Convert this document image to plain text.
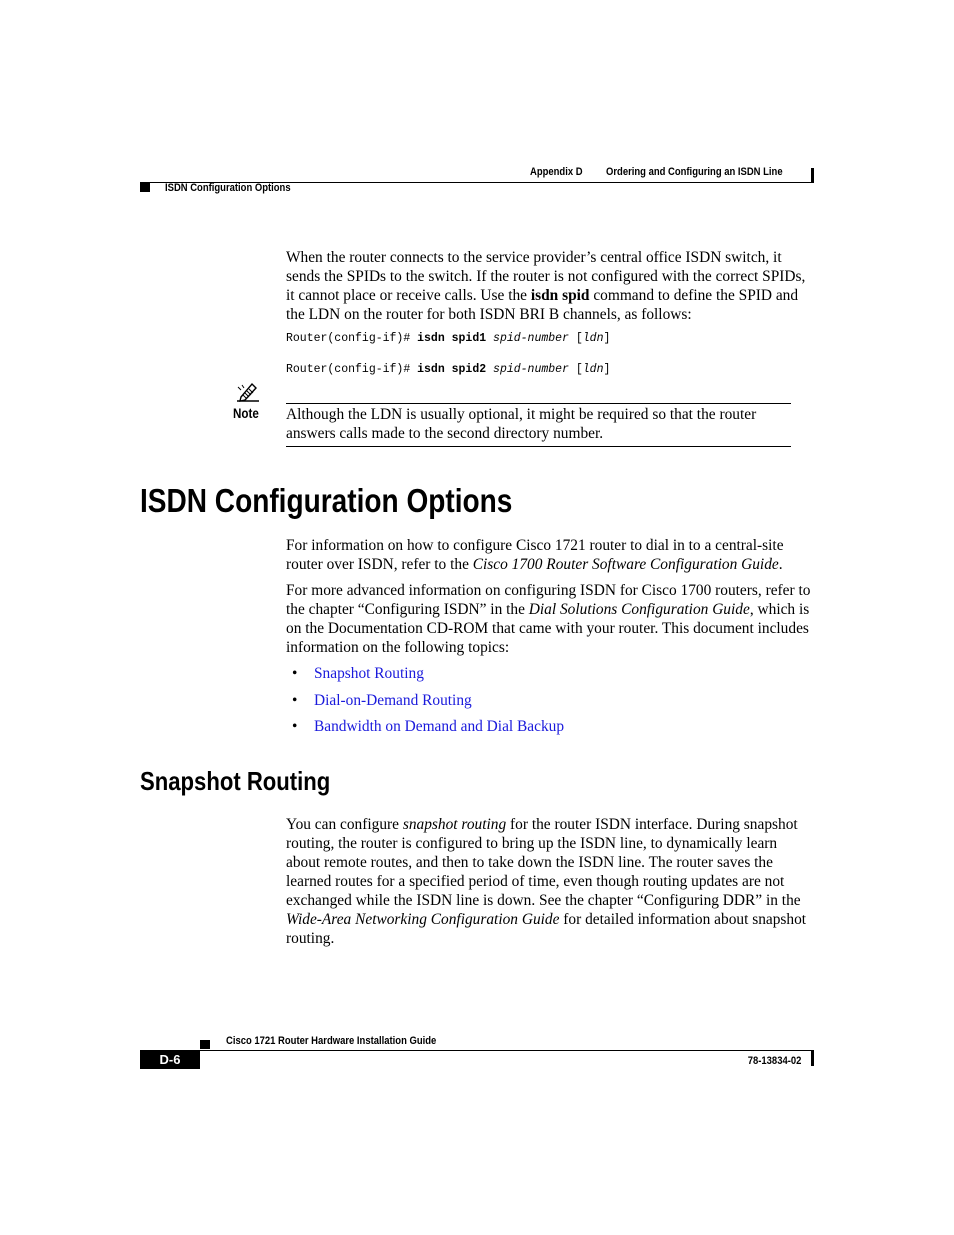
Appendix D Ordering and Configuring an ISDN Line
ISDN Configuration Options
When the router connects to the service provider’s central office ISDN switch, it sends the SPIDs to the switch. If the router is not configured with the correct SPIDs, it cannot place or receive calls. Use the isdn spid command to define the SPID and the LDN on the router for both ISDN BRI B channels, as follows:
Router(config-if)# isdn spid1 spid-number [ldn]
Router(config-if)# isdn spid2 spid-number [ldn]
Note Although the LDN is usually optional, it might be required so that the router answers calls made to the second directory number.
ISDN Configuration Options
For information on how to configure Cisco 1721 router to dial in to a central-site router over ISDN, refer to the Cisco 1700 Router Software Configuration Guide.
For more advanced information on configuring ISDN for Cisco 1700 routers, refer to the chapter “Configuring ISDN” in the Dial Solutions Configuration Guide, which is on the Documentation CD-ROM that came with your router. This document includes information on the following topics:
•	Snapshot Routing
•	Dial-on-Demand Routing
•	Bandwidth on Demand and Dial Backup
Snapshot Routing
You can configure snapshot routing for the router ISDN interface. During snapshot routing, the router is configured to bring up the ISDN line, to dynamically learn about remote routes, and then to take down the ISDN line. The router saves the learned routes for a specified period of time, even though routing updates are not exchanged while the ISDN line is down. See the chapter “Configuring DDR” in the Wide-Area Networking Configuration Guide for detailed information about snapshot routing.
Cisco 1721 Router Hardware Installation Guide
D-6	78-13834-02
